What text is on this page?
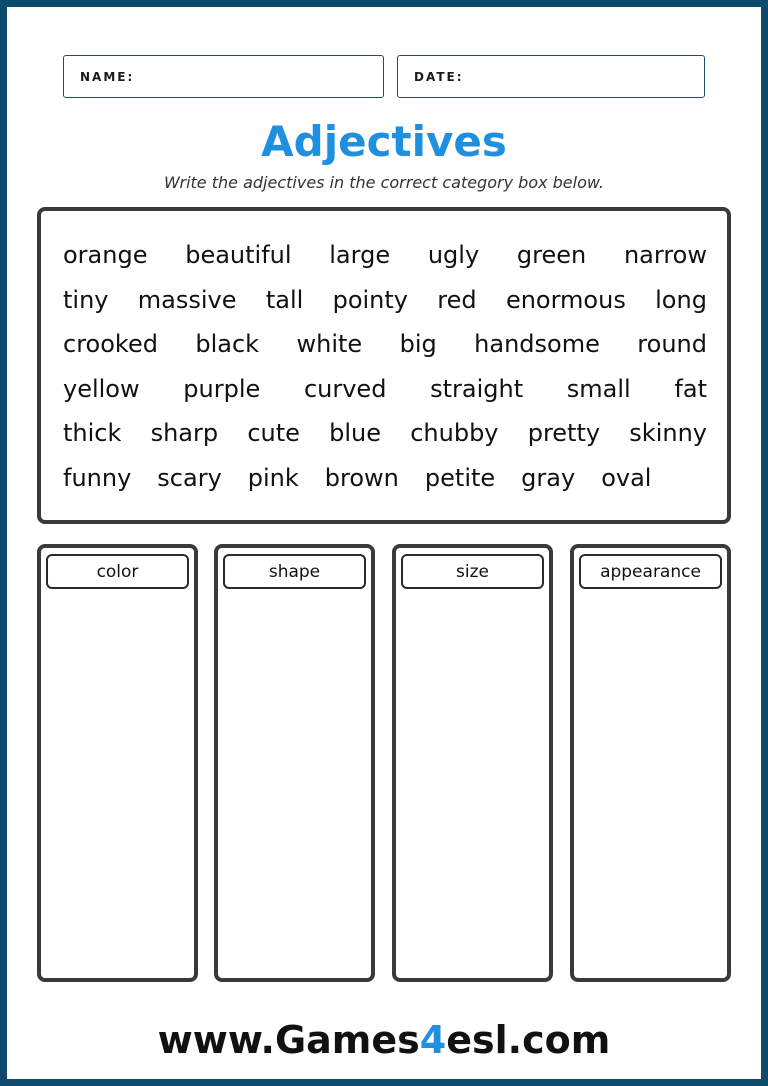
NAME:	DATE:
Adjectives
Write the adjectives in the correct category box below.
orange beautiful large ugly green narrow
tiny massive tall pointy red enormous long
crooked black white big handsome round
yellow purple curved straight small fat
thick sharp cute blue chubby pretty skinny
funny scary pink brown petite gray oval
color	shape	size	appearance
www.Games4esl.com
